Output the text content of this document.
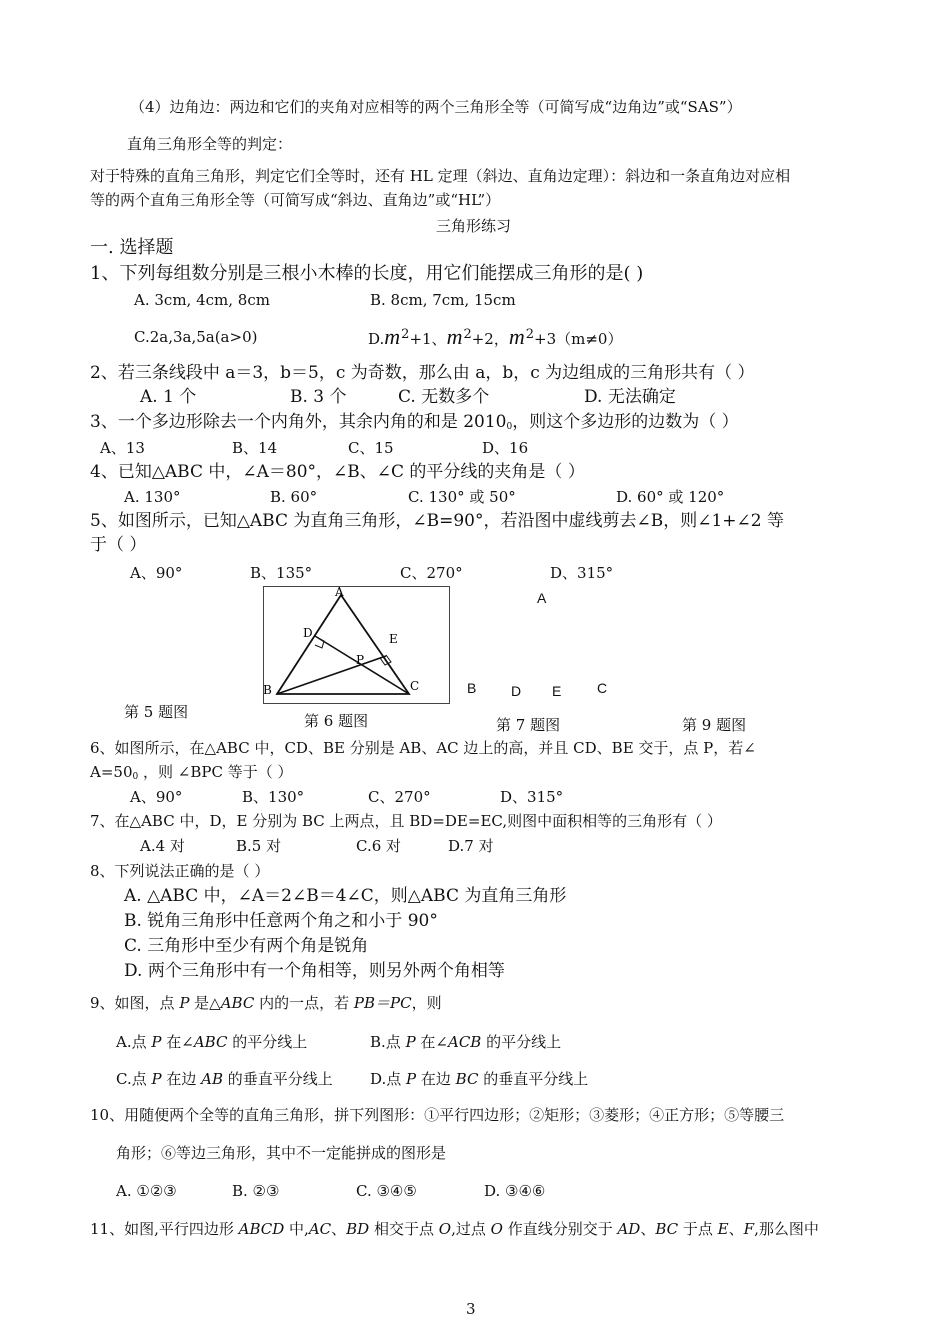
（4）边角边：两边和它们的夹角对应相等的两个三角形全等（可简写成“边角边”或“SAS”）
直角三角形全等的判定：
对于特殊的直角三角形，判定它们全等时，还有 HL 定理（斜边、直角边定理）：斜边和一条直角边对应相
等的两个直角三角形全等（可简写成“斜边、直角边”或“HL”）
三角形练习
一. 选择题
1、下列每组数分别是三根小木棒的长度，用它们能摆成三角形的是( )
A. 3cm, 4cm, 8cm	B. 8cm, 7cm, 15cm
C.2a,3a,5a(a>0)	D.m2+1、m2+2，m2+3（m≠0）
2、若三条线段中 a＝3，b＝5，c 为奇数，那么由 a，b，c 为边组成的三角形共有（ ）
A. 1 个	B. 3 个	C. 无数多个	D. 无法确定
3、一个多边形除去一个内角外，其余内角的和是 20100，则这个多边形的边数为（ ）
A、13	B、14	C、15	D、16
4、已知△ABC 中，∠A＝80°，∠B、∠C 的平分线的夹角是（ ）
A. 130°	B. 60°	C. 130° 或 50°	D. 60° 或 120°
5、如图所示，已知△ABC 为直角三角形，∠B=90°，若沿图中虚线剪去∠B，则∠1+∠2 等
于（ ）
A、90°	B、135°	C、270°	D、315°
A
B	C
D	E
P
A
B D E	C
第 5 题图	第 6 题图	第 7 题图	第 9 题图
6、如图所示，在△ABC 中，CD、BE 分别是 AB、AC 边上的高，并且 CD、BE 交于，点 P，若∠
A=500 ，则 ∠BPC 等于（ ）
A、90°	B、130°	C、270°	D、315°
7、在△ABC 中，D，E 分别为 BC 上两点，且 BD=DE=EC,则图中面积相等的三角形有（ ）
A.4 对	B.5 对	C.6 对	D.7 对
8、下列说法正确的是（ ）
A. △ABC 中，∠A＝2∠B＝4∠C，则△ABC 为直角三角形
B. 锐角三角形中任意两个角之和小于 90°
C. 三角形中至少有两个角是锐角
D. 两个三角形中有一个角相等，则另外两个角相等
9、如图，点 P 是△ABC 内的一点，若 PB＝PC，则
A.点 P 在∠ABC 的平分线上	B.点 P 在∠ACB 的平分线上
C.点 P 在边 AB 的垂直平分线上 D.点 P 在边 BC 的垂直平分线上
10、用随便两个全等的直角三角形，拼下列图形：①平行四边形；②矩形；③菱形；④正方形；⑤等腰三
角形；⑥等边三角形，其中不一定能拼成的图形是
A. ①②③	B. ②③	C. ③④⑤	D. ③④⑥
11、如图,平行四边形 ABCD 中,AC、BD 相交于点 O,过点 O 作直线分别交于 AD、BC 于点 E、F,那么图中
3
